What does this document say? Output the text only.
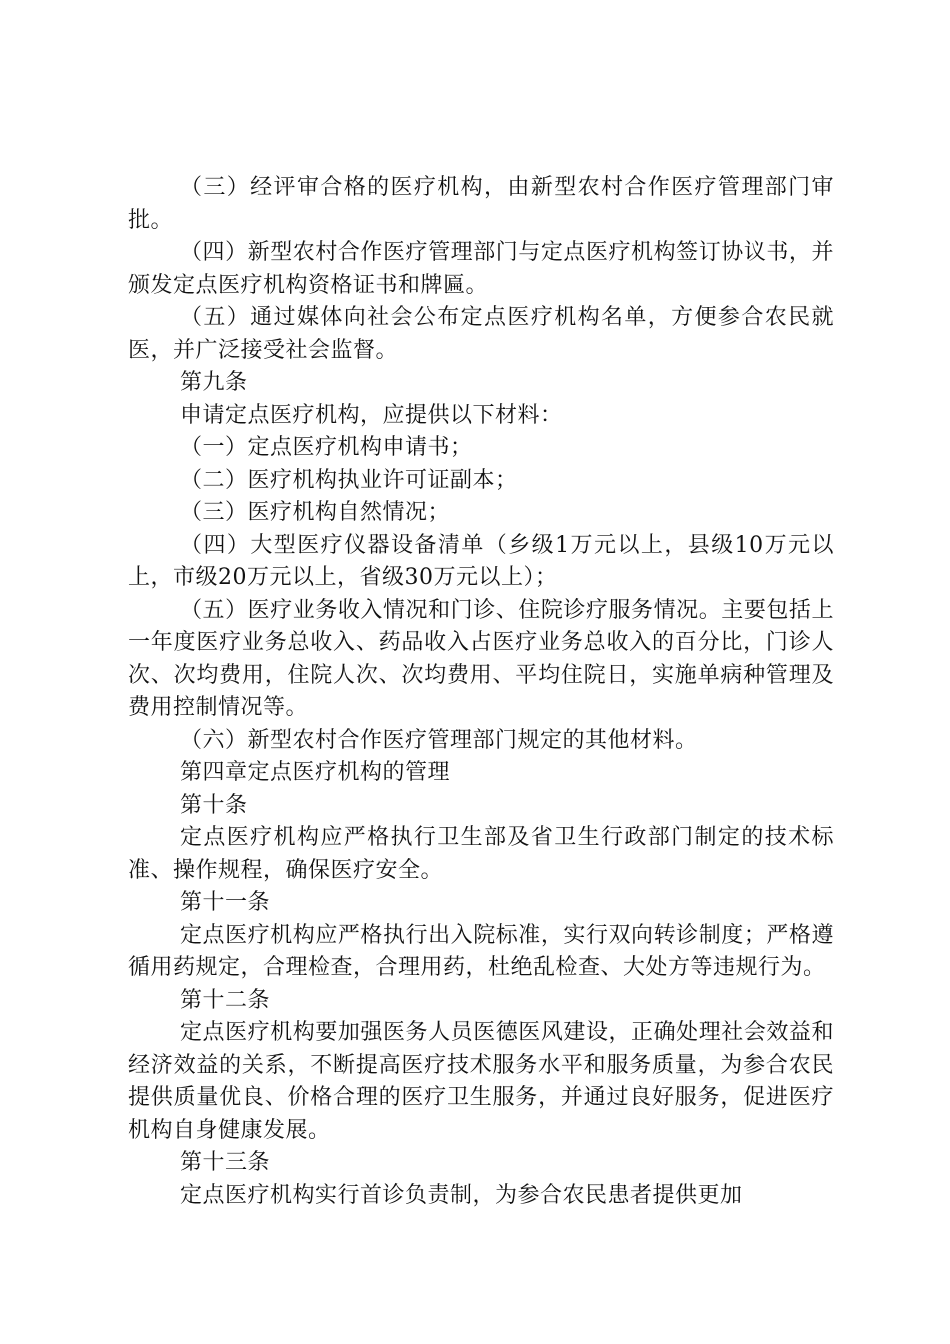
（三）经评审合格的医疗机构，由新型农村合作医疗管理部门审批。

（四）新型农村合作医疗管理部门与定点医疗机构签订协议书，并颁发定点医疗机构资格证书和牌匾。

（五）通过媒体向社会公布定点医疗机构名单，方便参合农民就医，并广泛接受社会监督。

第九条

申请定点医疗机构，应提供以下材料：

（一）定点医疗机构申请书；

（二）医疗机构执业许可证副本；

（三）医疗机构自然情况；

（四）大型医疗仪器设备清单（乡级1万元以上，县级10万元以上，市级20万元以上，省级30万元以上）；

（五）医疗业务收入情况和门诊、住院诊疗服务情况。主要包括上一年度医疗业务总收入、药品收入占医疗业务总收入的百分比，门诊人次、次均费用，住院人次、次均费用、平均住院日，实施单病种管理及费用控制情况等。

（六）新型农村合作医疗管理部门规定的其他材料。

第四章定点医疗机构的管理

第十条

定点医疗机构应严格执行卫生部及省卫生行政部门制定的技术标准、操作规程，确保医疗安全。

第十一条

定点医疗机构应严格执行出入院标准，实行双向转诊制度；严格遵循用药规定，合理检查，合理用药，杜绝乱检查、大处方等违规行为。

第十二条

定点医疗机构要加强医务人员医德医风建设，正确处理社会效益和经济效益的关系，不断提高医疗技术服务水平和服务质量，为参合农民提供质量优良、价格合理的医疗卫生服务，并通过良好服务，促进医疗机构自身健康发展。

第十三条

定点医疗机构实行首诊负责制，为参合农民患者提供更加
